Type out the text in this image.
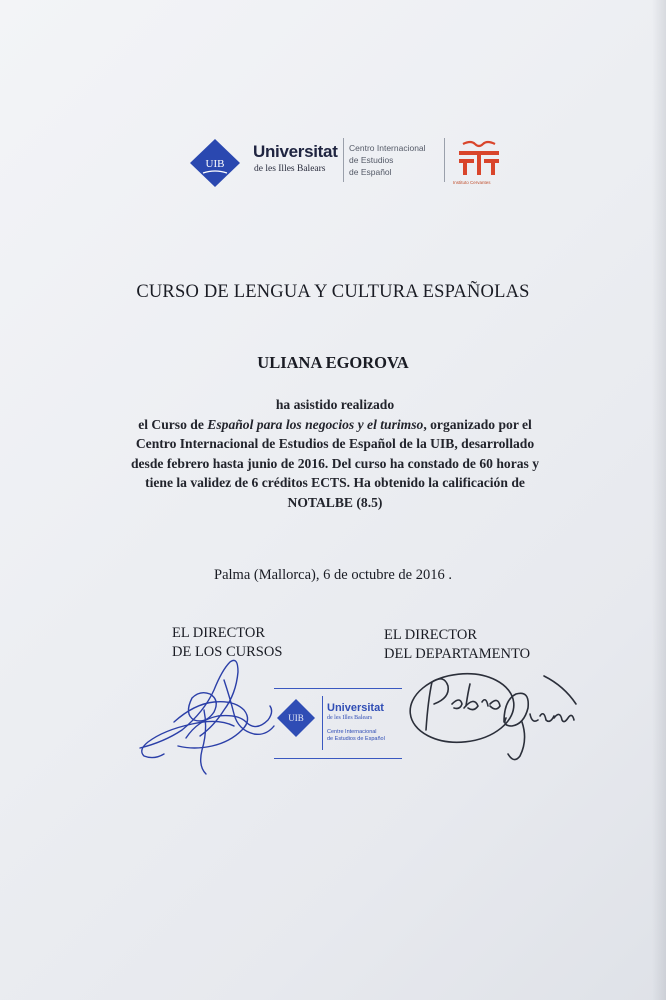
UIB
Universitat
de les Illes Balears
Centro Internacional
de Estudios
de Español
Instituto Cervantes
CURSO DE LENGUA Y CULTURA ESPAÑOLAS
ULIANA EGOROVA
ha asistido realizado
el Curso de Español para los negocios y el turimso, organizado por el
Centro Internacional de Estudios de Español de la UIB, desarrollado
desde febrero hasta junio de 2016. Del curso ha constado de 60 horas y
tiene la validez de 6 créditos ECTS. Ha obtenido la calificación de
NOTALBE (8.5)
Palma (Mallorca), 6 de octubre de 2016 .
EL DIRECTOR
DE LOS CURSOS
EL DIRECTOR
DEL DEPARTAMENTO
UIB
Universitat
de les Illes Balears
Centre Internacional
de Estudios de Español
